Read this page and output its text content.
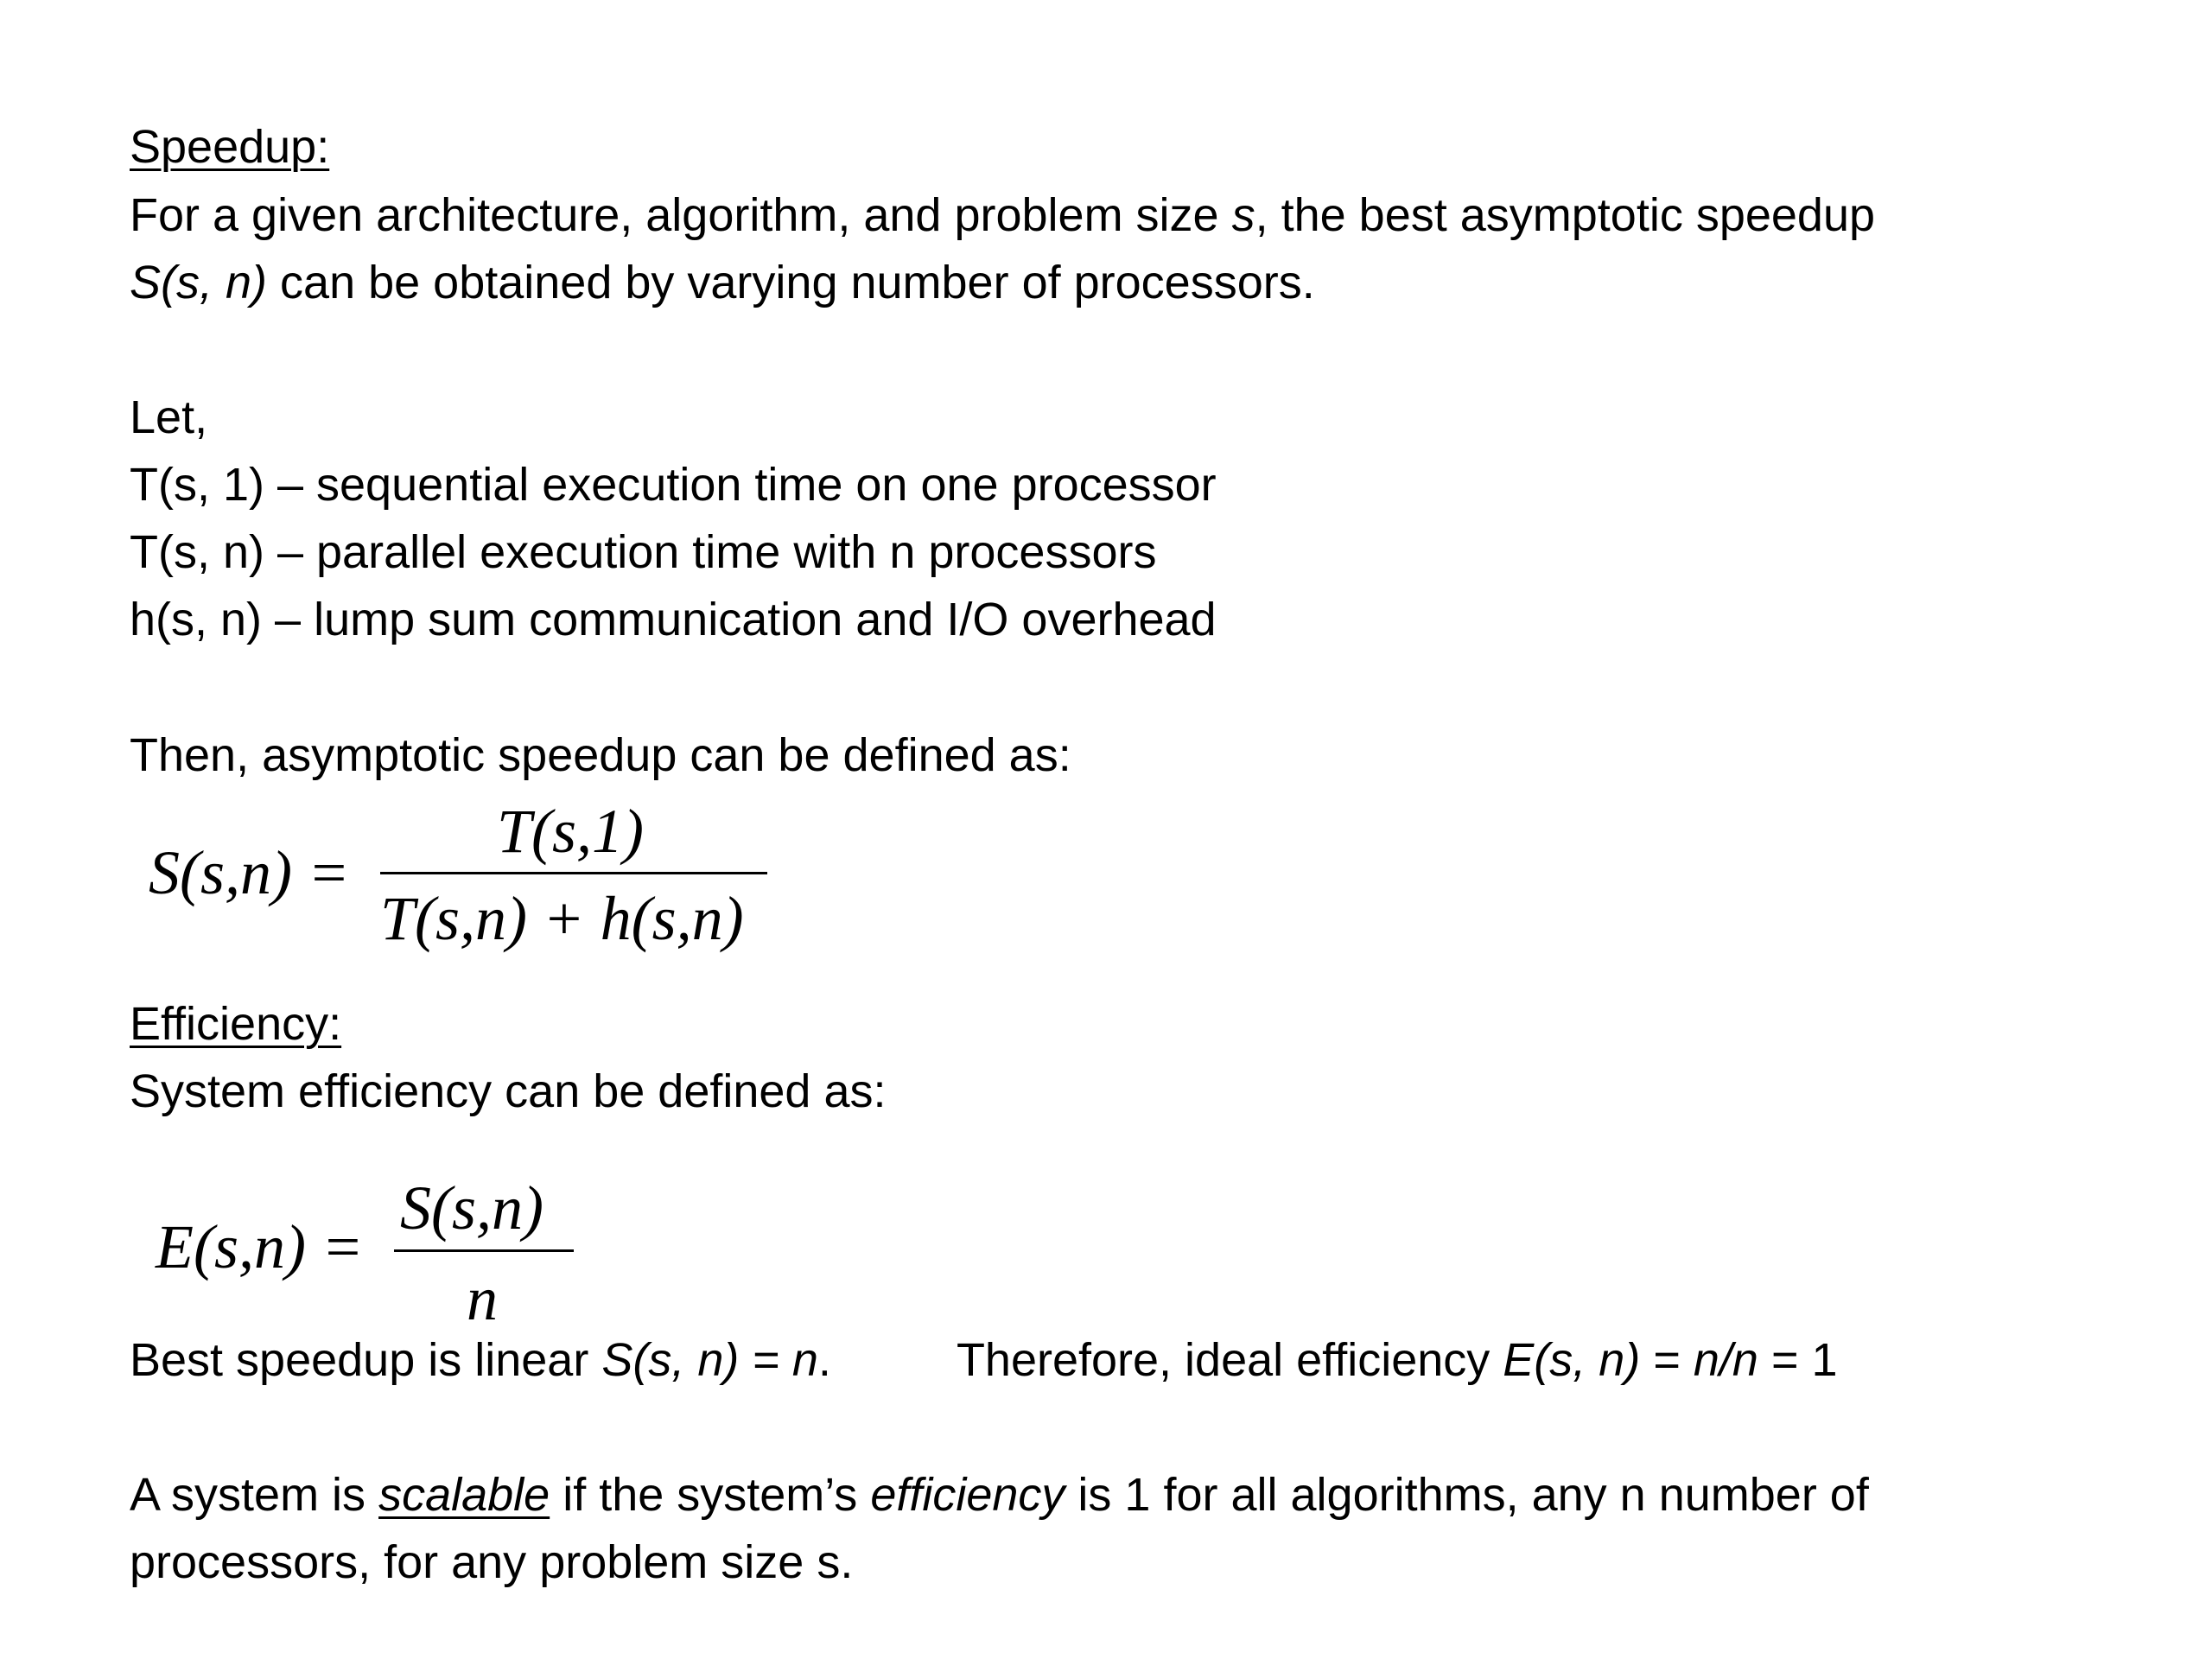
Speedup:
For a given architecture, algorithm, and problem size s, the best asymptotic speedup
S(s, n) can be obtained by varying number of processors.
Let,
T(s, 1) – sequential execution time on one processor
T(s, n) – parallel execution time with n processors
h(s, n) – lump sum communication and I/O overhead
Then, asymptotic speedup can be defined as:
S(s,n) =
T(s,1)
T(s,n) + h(s,n)
Efficiency:
System efficiency can be defined as:
E(s,n) =
S(s,n)
n
Best speedup is linear S(s, n) = n.	Therefore, ideal efficiency E(s, n) = n/n = 1
A system is scalable if the system’s efficiency is 1 for all algorithms, any n number of
processors, for any problem size s.
